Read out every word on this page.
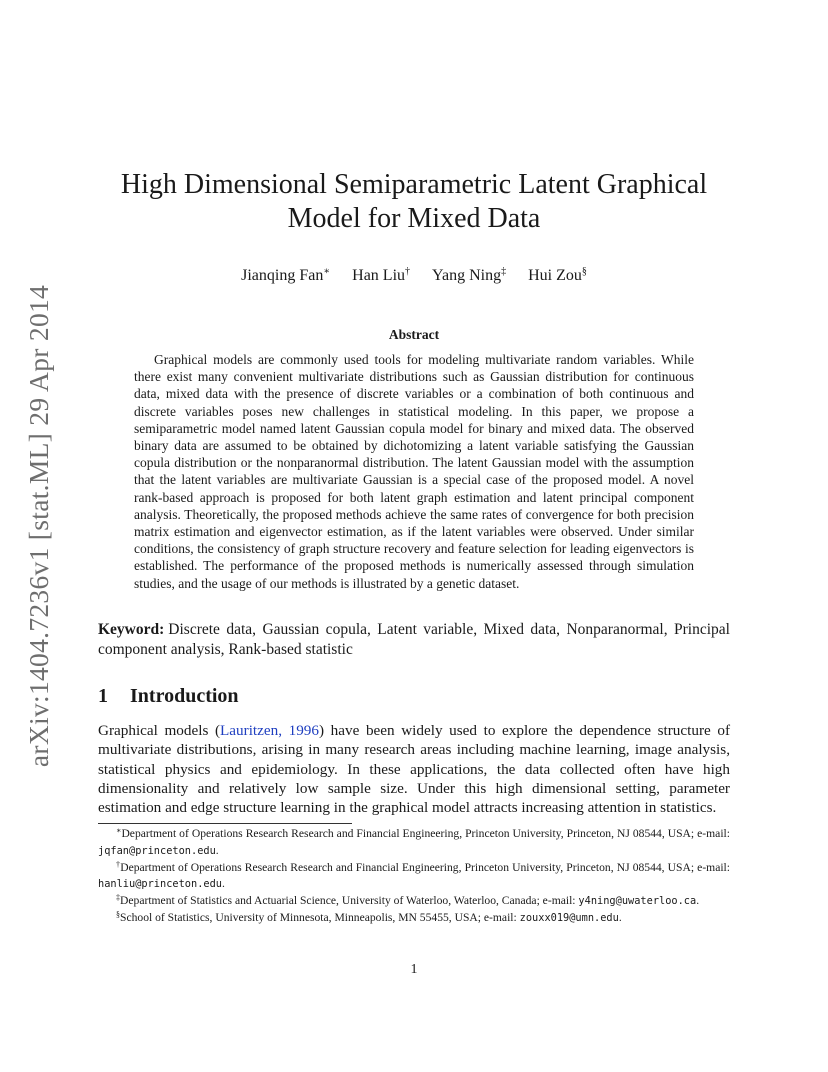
arXiv:1404.7236v1 [stat.ML] 29 Apr 2014
High Dimensional Semiparametric Latent Graphical Model for Mixed Data
Jianqing Fan∗ Han Liu† Yang Ning‡ Hui Zou§
Abstract

Graphical models are commonly used tools for modeling multivariate random variables. While there exist many convenient multivariate distributions such as Gaussian distribution for continuous data, mixed data with the presence of discrete variables or a combination of both continuous and discrete variables poses new challenges in statistical modeling. In this paper, we propose a semiparametric model named latent Gaussian copula model for binary and mixed data. The observed binary data are assumed to be obtained by dichotomizing a latent variable satisfying the Gaussian copula distribution or the nonparanormal distribution. The latent Gaussian model with the assumption that the latent variables are multivariate Gaussian is a special case of the proposed model. A novel rank-based approach is proposed for both latent graph estimation and latent principal component analysis. Theoretically, the proposed methods achieve the same rates of convergence for both precision matrix estimation and eigenvector estimation, as if the latent variables were observed. Under similar conditions, the consistency of graph structure recovery and feature selection for leading eigenvectors is established. The performance of the proposed methods is numerically assessed through simulation studies, and the usage of our methods is illustrated by a genetic dataset.

Keyword: Discrete data, Gaussian copula, Latent variable, Mixed data, Nonparanormal, Principal component analysis, Rank-based statistic

1 Introduction

Graphical models (Lauritzen, 1996) have been widely used to explore the dependence structure of multivariate distributions, arising in many research areas including machine learning, image analysis, statistical physics and epidemiology. In these applications, the data collected often have high dimensionality and relatively low sample size. Under this high dimensional setting, parameter estimation and edge structure learning in the graphical model attracts increasing attention in statistics.

∗Department of Operations Research Research and Financial Engineering, Princeton University, Princeton, NJ 08544, USA; e-mail: jqfan@princeton.edu.

†Department of Operations Research Research and Financial Engineering, Princeton University, Princeton, NJ 08544, USA; e-mail: hanliu@princeton.edu.

‡Department of Statistics and Actuarial Science, University of Waterloo, Waterloo, Canada; e-mail: y4ning@uwaterloo.ca.

§School of Statistics, University of Minnesota, Minneapolis, MN 55455, USA; e-mail: zouxx019@umn.edu.

1
